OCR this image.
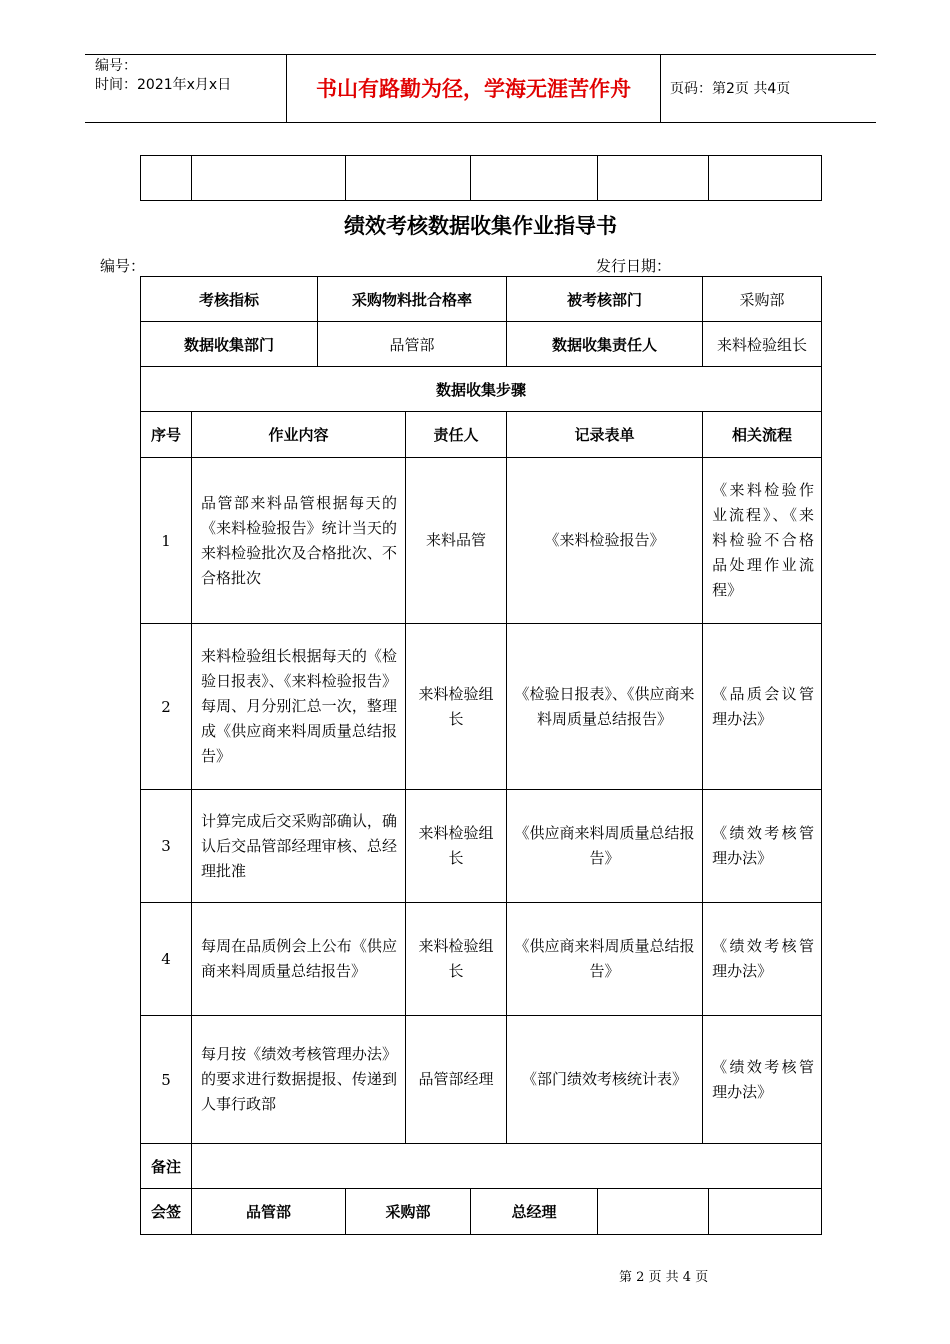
编号：
时间：2021年x月x日	书山有路勤为径，学海无涯苦作舟	页码：第2页 共4页

绩效考核数据收集作业指导书
编号：	发行日期：
考核指标		采购物料批合格率		被考核部门	采购部
数据收集部门		品管部		数据收集责任人	来料检验组长
数据收集步骤					
序号	作业内容		责任人	记录表单	相关流程
1	品管部来料品管根据每天的《来料检验报告》统计当天的来料检验批次及合格批次、不合格批次		来料品管	《来料检验报告》	《来料检验作业流程》、《来料检验不合格品处理作业流程》
2	来料检验组长根据每天的《检验日报表》、《来料检验报告》每周、月分别汇总一次，整理成《供应商来料周质量总结报告》		来料检验组长	《检验日报表》、《供应商来料周质量总结报告》	《品质会议管理办法》
3	计算完成后交采购部确认，确认后交品管部经理审核、总经理批准		来料检验组长	《供应商来料周质量总结报告》	《绩效考核管理办法》
4	每周在品质例会上公布《供应商来料周质量总结报告》		来料检验组长	《供应商来料周质量总结报告》	《绩效考核管理办法》
5	每月按《绩效考核管理办法》的要求进行数据提报、传递到人事行政部		品管部经理	《部门绩效考核统计表》	《绩效考核管理办法》
备注					
会签	品管部	采购部	总经理		
第 2 页 共 4 页
